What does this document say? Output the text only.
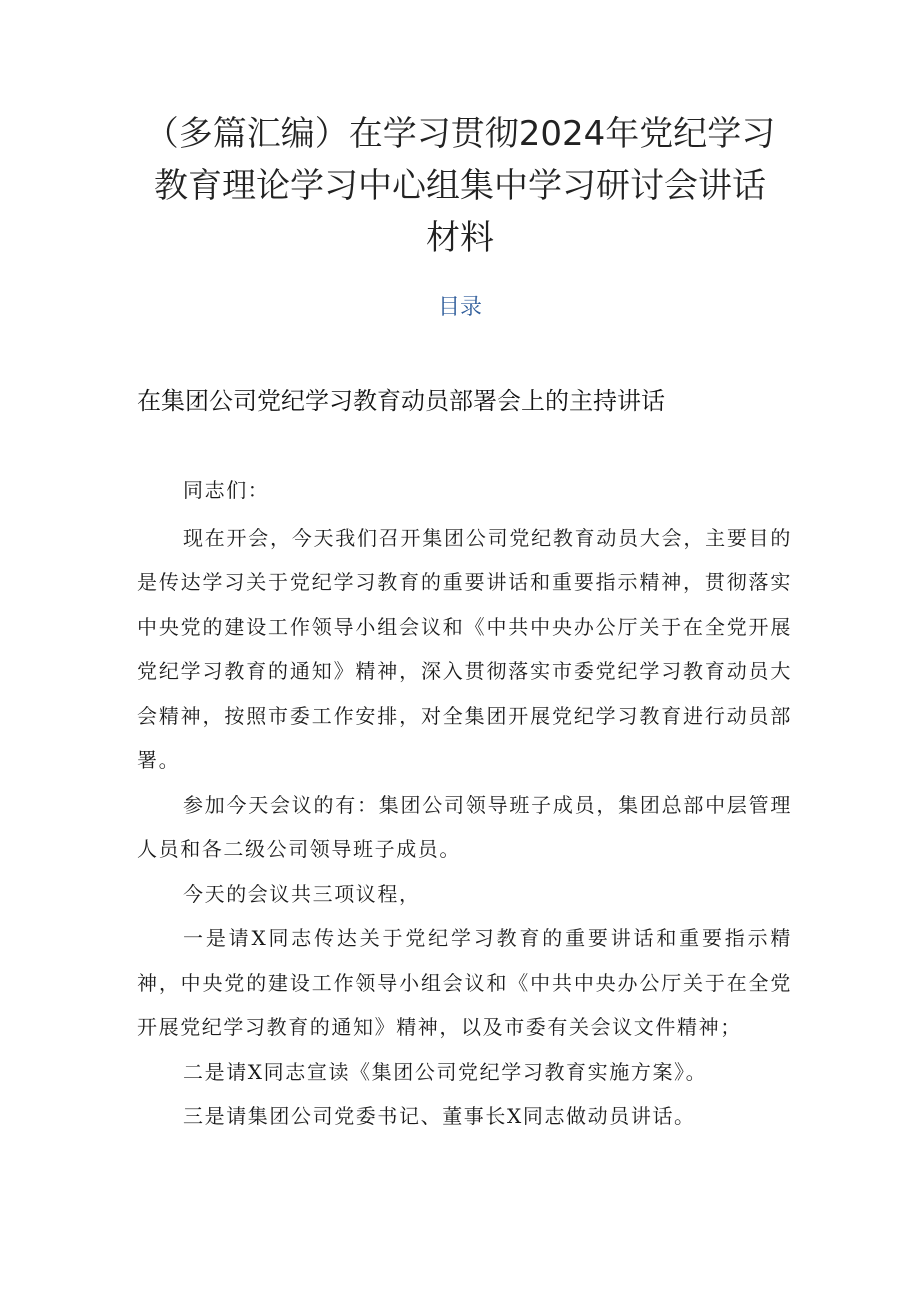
（多篇汇编）在学习贯彻2024年党纪学习
教育理论学习中心组集中学习研讨会讲话
材料
目录
在集团公司党纪学习教育动员部署会上的主持讲话

同志们：

现在开会，今天我们召开集团公司党纪教育动员大会，主要目的是传达学习关于党纪学习教育的重要讲话和重要指示精神，贯彻落实中央党的建设工作领导小组会议和《中共中央办公厅关于在全党开展党纪学习教育的通知》精神，深入贯彻落实市委党纪学习教育动员大会精神，按照市委工作安排，对全集团开展党纪学习教育进行动员部署。

参加今天会议的有：集团公司领导班子成员，集团总部中层管理人员和各二级公司领导班子成员。

今天的会议共三项议程，

一是请X同志传达关于党纪学习教育的重要讲话和重要指示精神，中央党的建设工作领导小组会议和《中共中央办公厅关于在全党开展党纪学习教育的通知》精神，以及市委有关会议文件精神；

二是请X同志宣读《集团公司党纪学习教育实施方案》。

三是请集团公司党委书记、董事长X同志做动员讲话。
